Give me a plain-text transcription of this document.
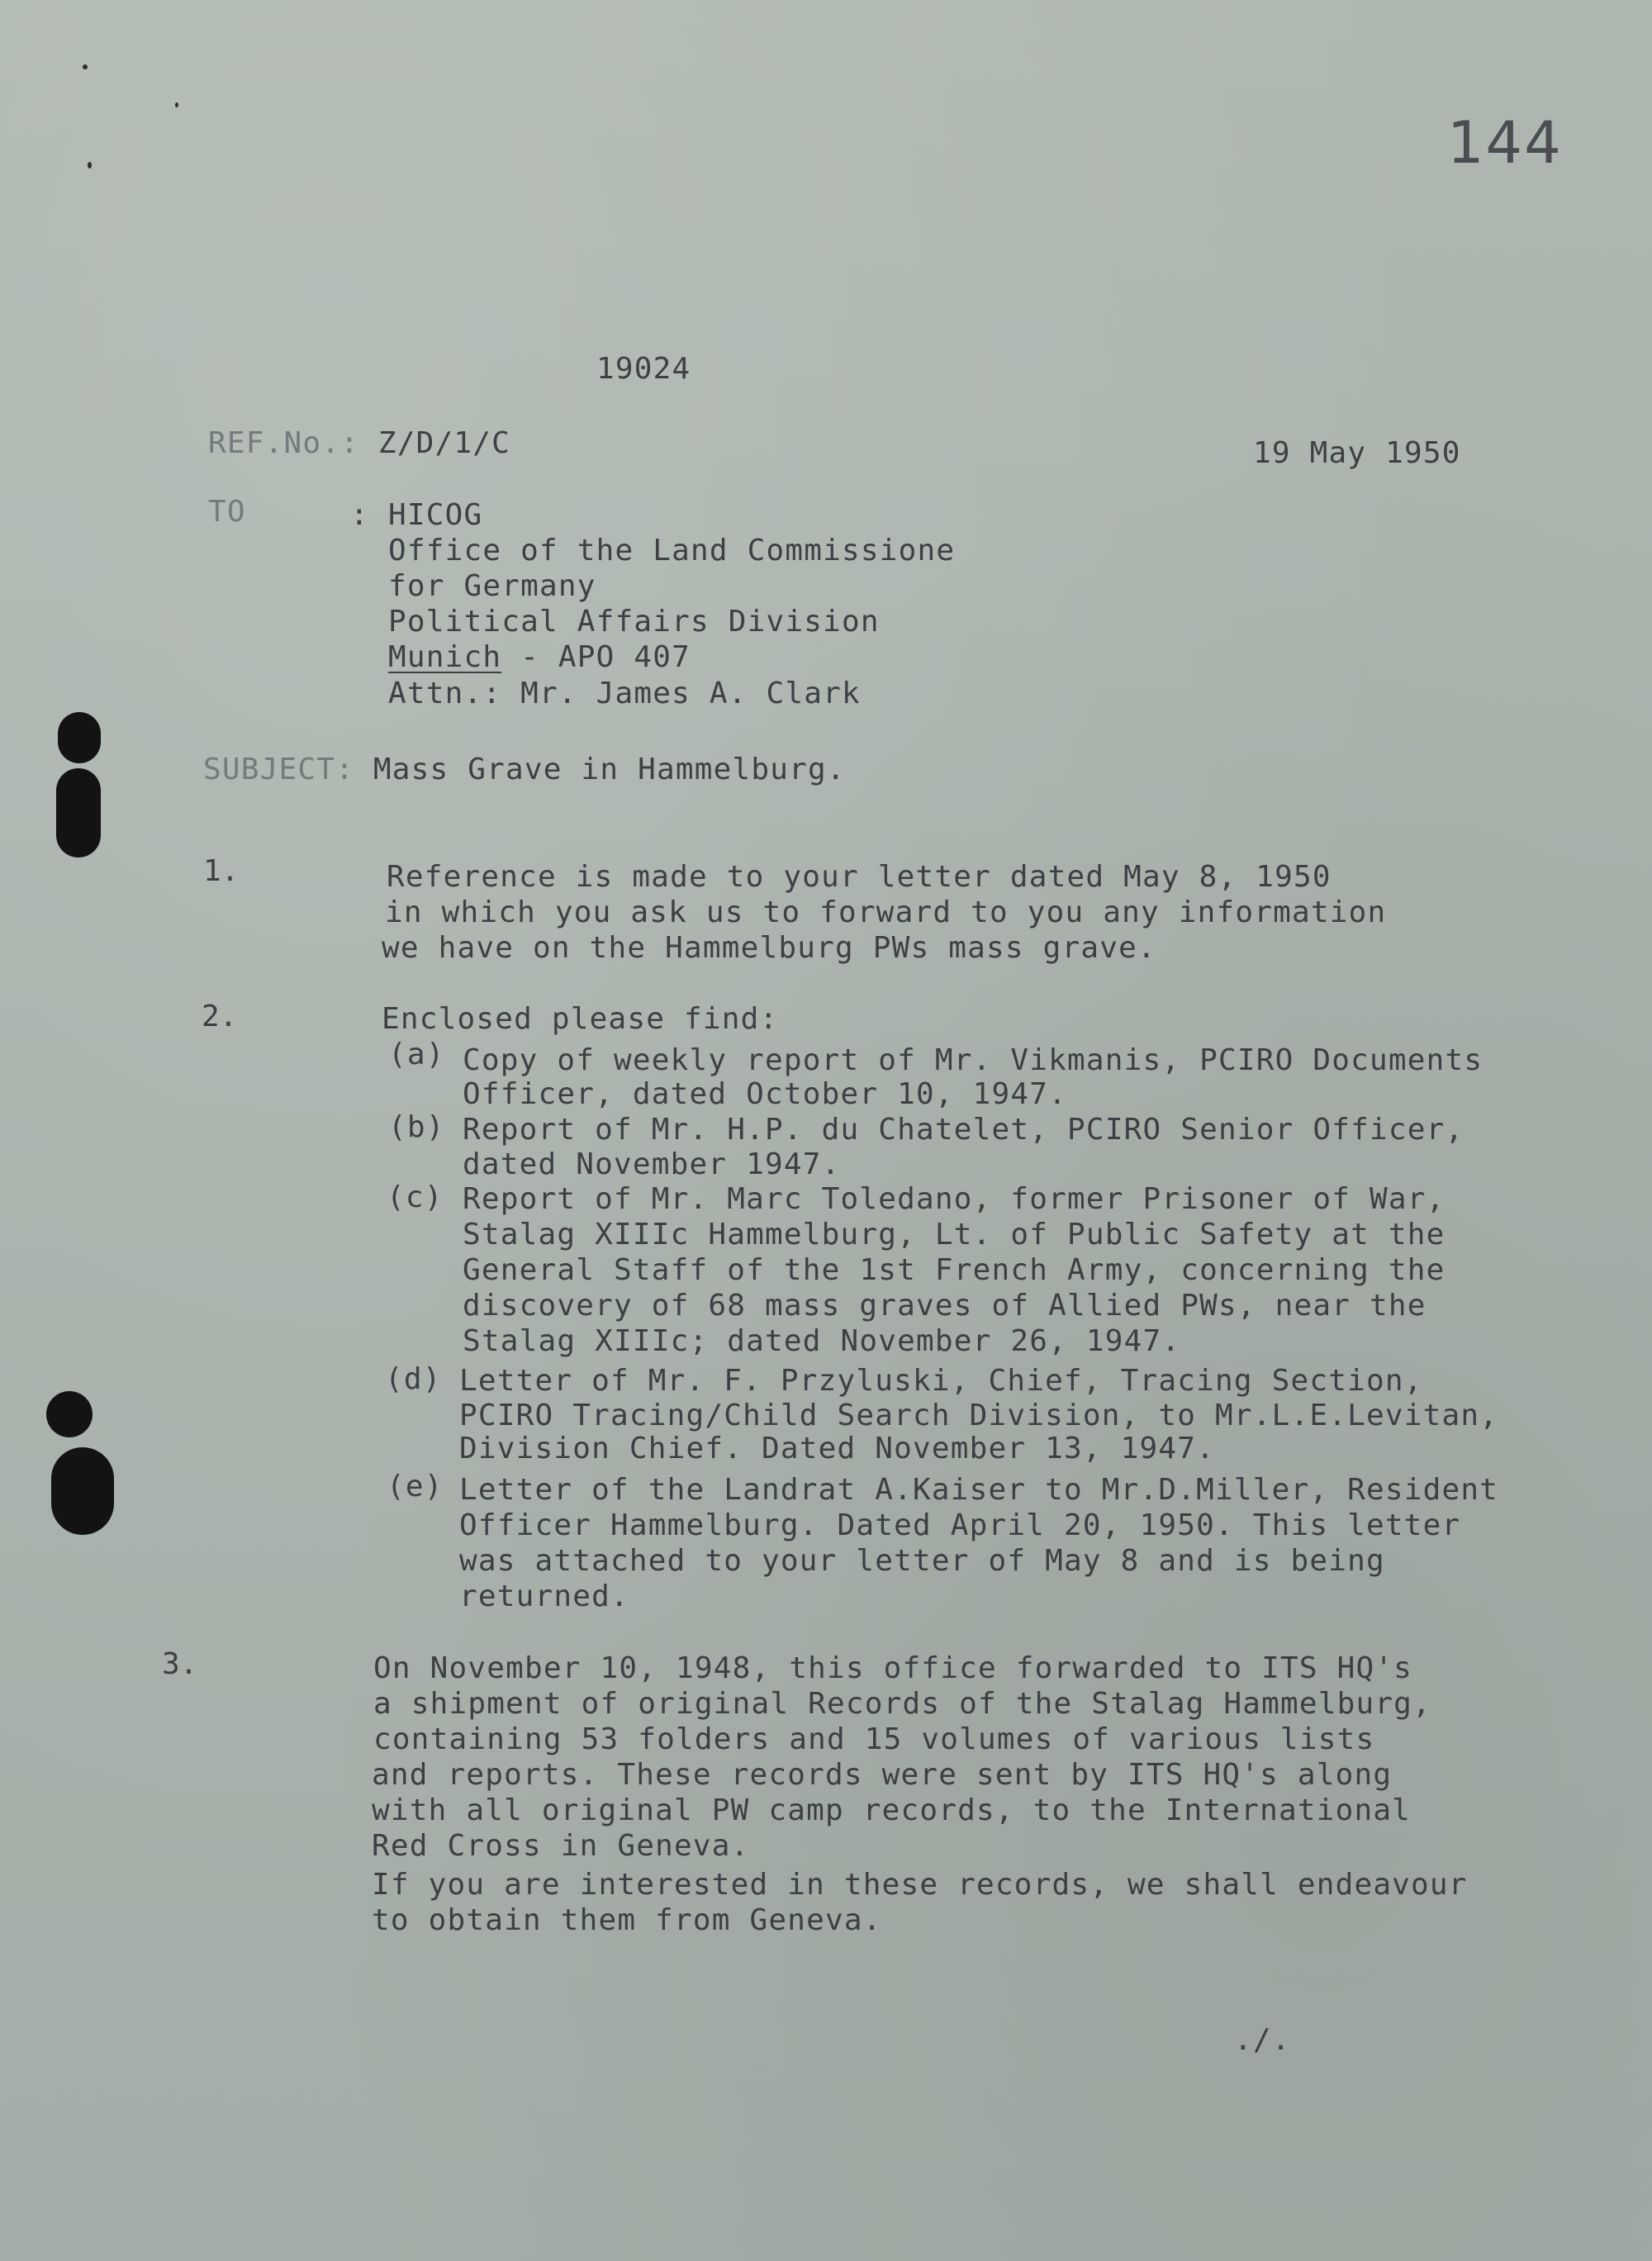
144
19024
REF.No.: Z/D/1/C	19 May 1950
TO	: HICOG
Office of the Land Commissione
for Germany
Political Affairs Division
Munich - APO 407
Attn.: Mr. James A. Clark
SUBJECT: Mass Grave in Hammelburg.
1.	Reference is made to your letter dated May 8, 1950
in which you ask us to forward to you any information
we have on the Hammelburg PWs mass grave.
2.	Enclosed please find:
(a) Copy of weekly report of Mr. Vikmanis, PCIRO Documents
Officer, dated October 10, 1947.
(b) Report of Mr. H.P. du Chatelet, PCIRO Senior Officer,
dated November 1947.
(c) Report of Mr. Marc Toledano, former Prisoner of War,
Stalag XIIIc Hammelburg, Lt. of Public Safety at the
General Staff of the 1st French Army, concerning the
discovery of 68 mass graves of Allied PWs, near the
Stalag XIIIc; dated November 26, 1947.
(d) Letter of Mr. F. Przyluski, Chief, Tracing Section,
PCIRO Tracing/Child Search Division, to Mr.L.E.Levitan,
Division Chief. Dated November 13, 1947.
(e) Letter of the Landrat A.Kaiser to Mr.D.Miller, Resident
Officer Hammelburg. Dated April 20, 1950. This letter
was attached to your letter of May 8 and is being
returned.
3.	On November 10, 1948, this office forwarded to ITS HQ's
a shipment of original Records of the Stalag Hammelburg,
containing 53 folders and 15 volumes of various lists
and reports. These records were sent by ITS HQ's along
with all original PW camp records, to the International
Red Cross in Geneva.
If you are interested in these records, we shall endeavour
to obtain them from Geneva.
./.
